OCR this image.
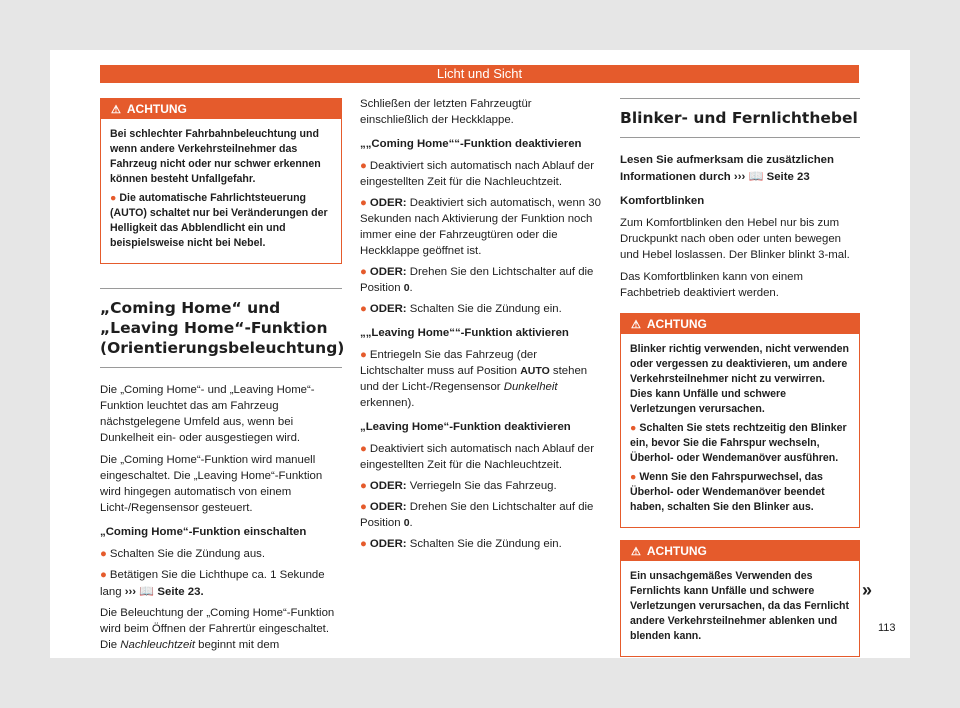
Licht und Sicht
⚠ ACHTUNG

Bei schlechter Fahrbahnbeleuchtung und wenn andere Verkehrsteilnehmer das Fahrzeug nicht oder nur schwer erkennen können besteht Unfallgefahr.

● Die automatische Fahrlichtsteuerung (AUTO) schaltet nur bei Veränderungen der Helligkeit das Abblendlicht ein und beispielsweise nicht bei Nebel.

„Coming Home“ und „Leaving Home“-Funktion (Orientierungsbeleuchtung)

Die „Coming Home“- und „Leaving Home“-Funktion leuchtet das am Fahrzeug nächstgelegene Umfeld aus, wenn bei Dunkelheit ein- oder ausgestiegen wird.

Die „Coming Home“-Funktion wird manuell eingeschaltet. Die „Leaving Home“-Funktion wird hingegen automatisch von einem Licht-/Regensensor gesteuert.

„Coming Home“-Funktion einschalten

● Schalten Sie die Zündung aus.

● Betätigen Sie die Lichthupe ca. 1 Sekunde lang ››› 📖 Seite 23.

Die Beleuchtung der „Coming Home“-Funktion wird beim Öffnen der Fahrertür eingeschaltet. Die Nachleuchtzeit beginnt mit dem

Schließen der letzten Fahrzeugtür einschließlich der Heckklappe.

„„Coming Home““-Funktion deaktivieren

● Deaktiviert sich automatisch nach Ablauf der eingestellten Zeit für die Nachleuchtzeit.

● ODER: Deaktiviert sich automatisch, wenn 30 Sekunden nach Aktivierung der Funktion noch immer eine der Fahrzeugtüren oder die Heckklappe geöffnet ist.

● ODER: Drehen Sie den Lichtschalter auf die Position 0.

● ODER: Schalten Sie die Zündung ein.

„„Leaving Home““-Funktion aktivieren

● Entriegeln Sie das Fahrzeug (der Lichtschalter muss auf Position AUTO stehen und der Licht-/Regensensor Dunkelheit erkennen).

„Leaving Home“-Funktion deaktivieren

● Deaktiviert sich automatisch nach Ablauf der eingestellten Zeit für die Nachleuchtzeit.

● ODER: Verriegeln Sie das Fahrzeug.

● ODER: Drehen Sie den Lichtschalter auf die Position 0.

● ODER: Schalten Sie die Zündung ein.

Blinker- und Fernlichthebel

Lesen Sie aufmerksam die zusätzlichen Informationen durch ››› 📖 Seite 23

Komfortblinken

Zum Komfortblinken den Hebel nur bis zum Druckpunkt nach oben oder unten bewegen und Hebel loslassen. Der Blinker blinkt 3-mal.

Das Komfortblinken kann von einem Fachbetrieb deaktiviert werden.

⚠ ACHTUNG

Blinker richtig verwenden, nicht verwenden oder vergessen zu deaktivieren, um andere Verkehrsteilnehmer nicht zu verwirren. Dies kann Unfälle und schwere Verletzungen verursachen.

● Schalten Sie stets rechtzeitig den Blinker ein, bevor Sie die Fahrspur wechseln, Überhol- oder Wendemanöver ausführen.

● Wenn Sie den Fahrspurwechsel, das Überhol- oder Wendemanöver beendet haben, schalten Sie den Blinker aus.

⚠ ACHTUNG

Ein unsachgemäßes Verwenden des Fernlichts kann Unfälle und schwere Verletzungen verursachen, da das Fernlicht andere Verkehrsteilnehmer ablenken und blenden kann.

»
113
